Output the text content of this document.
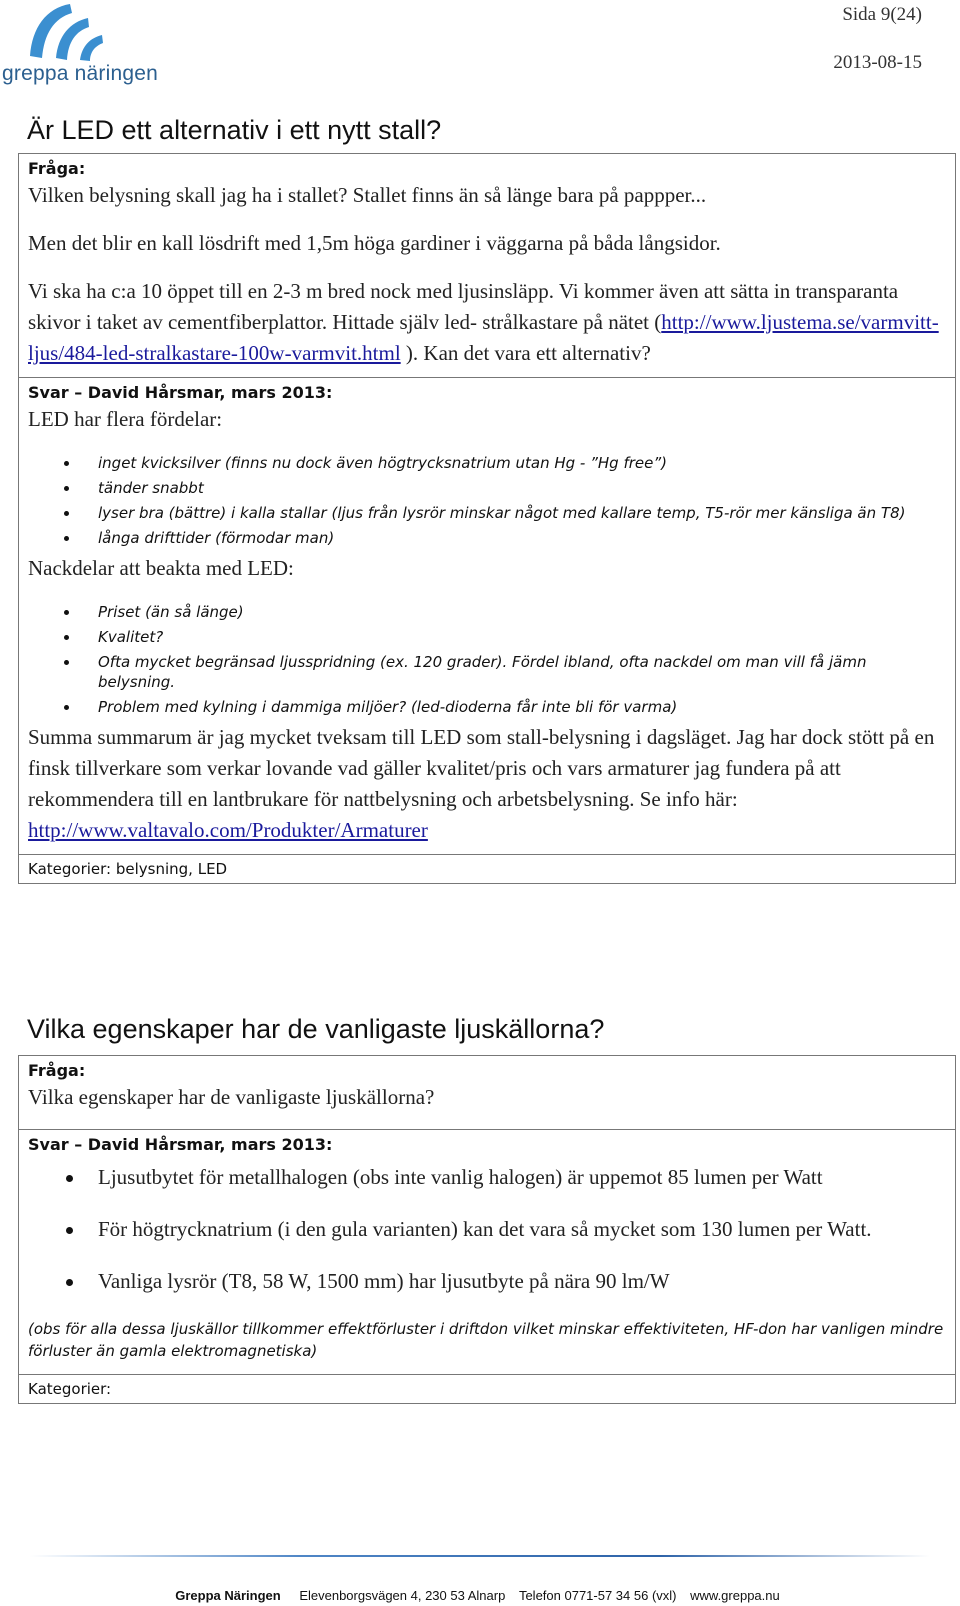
greppa näringen
Sida 9(24)
2013-08-15
Är LED ett alternativ i ett nytt stall?
Fråga:

Vilken belysning skall jag ha i stallet? Stallet finns än så länge bara på pappper...

Men det blir en kall lösdrift med 1,5m höga gardiner i väggarna på båda långsidor.

Vi ska ha c:a 10 öppet till en 2-3 m bred nock med ljusinsläpp. Vi kommer även att sätta in transparanta skivor i taket av cementfiberplattor. Hittade själv led- strålkastare på nätet (http://www.ljustema.se/varmvitt-ljus/484-led-stralkastare-100w-varmvit.html ). Kan det vara ett alternativ?

Svar – David Hårsmar, mars 2013:

LED har flera fördelar:

inget kvicksilver (finns nu dock även högtrycksnatrium utan Hg - ”Hg free”)
tänder snabbt
lyser bra (bättre) i kalla stallar (ljus från lysrör minskar något med kallare temp, T5-rör mer känsliga än T8)
långa drifttider (förmodar man)

Nackdelar att beakta med LED:

Priset (än så länge)
Kvalitet?
Ofta mycket begränsad ljusspridning (ex. 120 grader). Fördel ibland, ofta nackdel om man vill få jämn belysning.
Problem med kylning i dammiga miljöer? (led-dioderna får inte bli för varma)

Summa summarum är jag mycket tveksam till LED som stall-belysning i dagsläget. Jag har dock stött på en finsk tillverkare som verkar lovande vad gäller kvalitet/pris och vars armaturer jag fundera på att rekommendera till en lantbrukare för nattbelysning och arbetsbelysning. Se info här: http://www.valtavalo.com/Produkter/Armaturer

Kategorier: belysning, LED
Vilka egenskaper har de vanligaste ljuskällorna?
Fråga:

Vilka egenskaper har de vanligaste ljuskällorna?

Svar – David Hårsmar, mars 2013:
Ljusutbytet för metallhalogen (obs inte vanlig halogen) är uppemot 85 lumen per Watt
För högtrycknatrium (i den gula varianten) kan det vara så mycket som 130 lumen per Watt.
Vanliga lysrör (T8, 58 W, 1500 mm) har ljusutbyte på nära 90 lm/W
(obs för alla dessa ljuskällor tillkommer effektförluster i driftdon vilket minskar effektiviteten, HF-don har vanligen mindre förluster än gamla elektromagnetiska)
Kategorier:
Greppa Näringen Elevenborgsvägen 4, 230 53 Alnarp Telefon 0771-57 34 56 (vxl) www.greppa.nu
